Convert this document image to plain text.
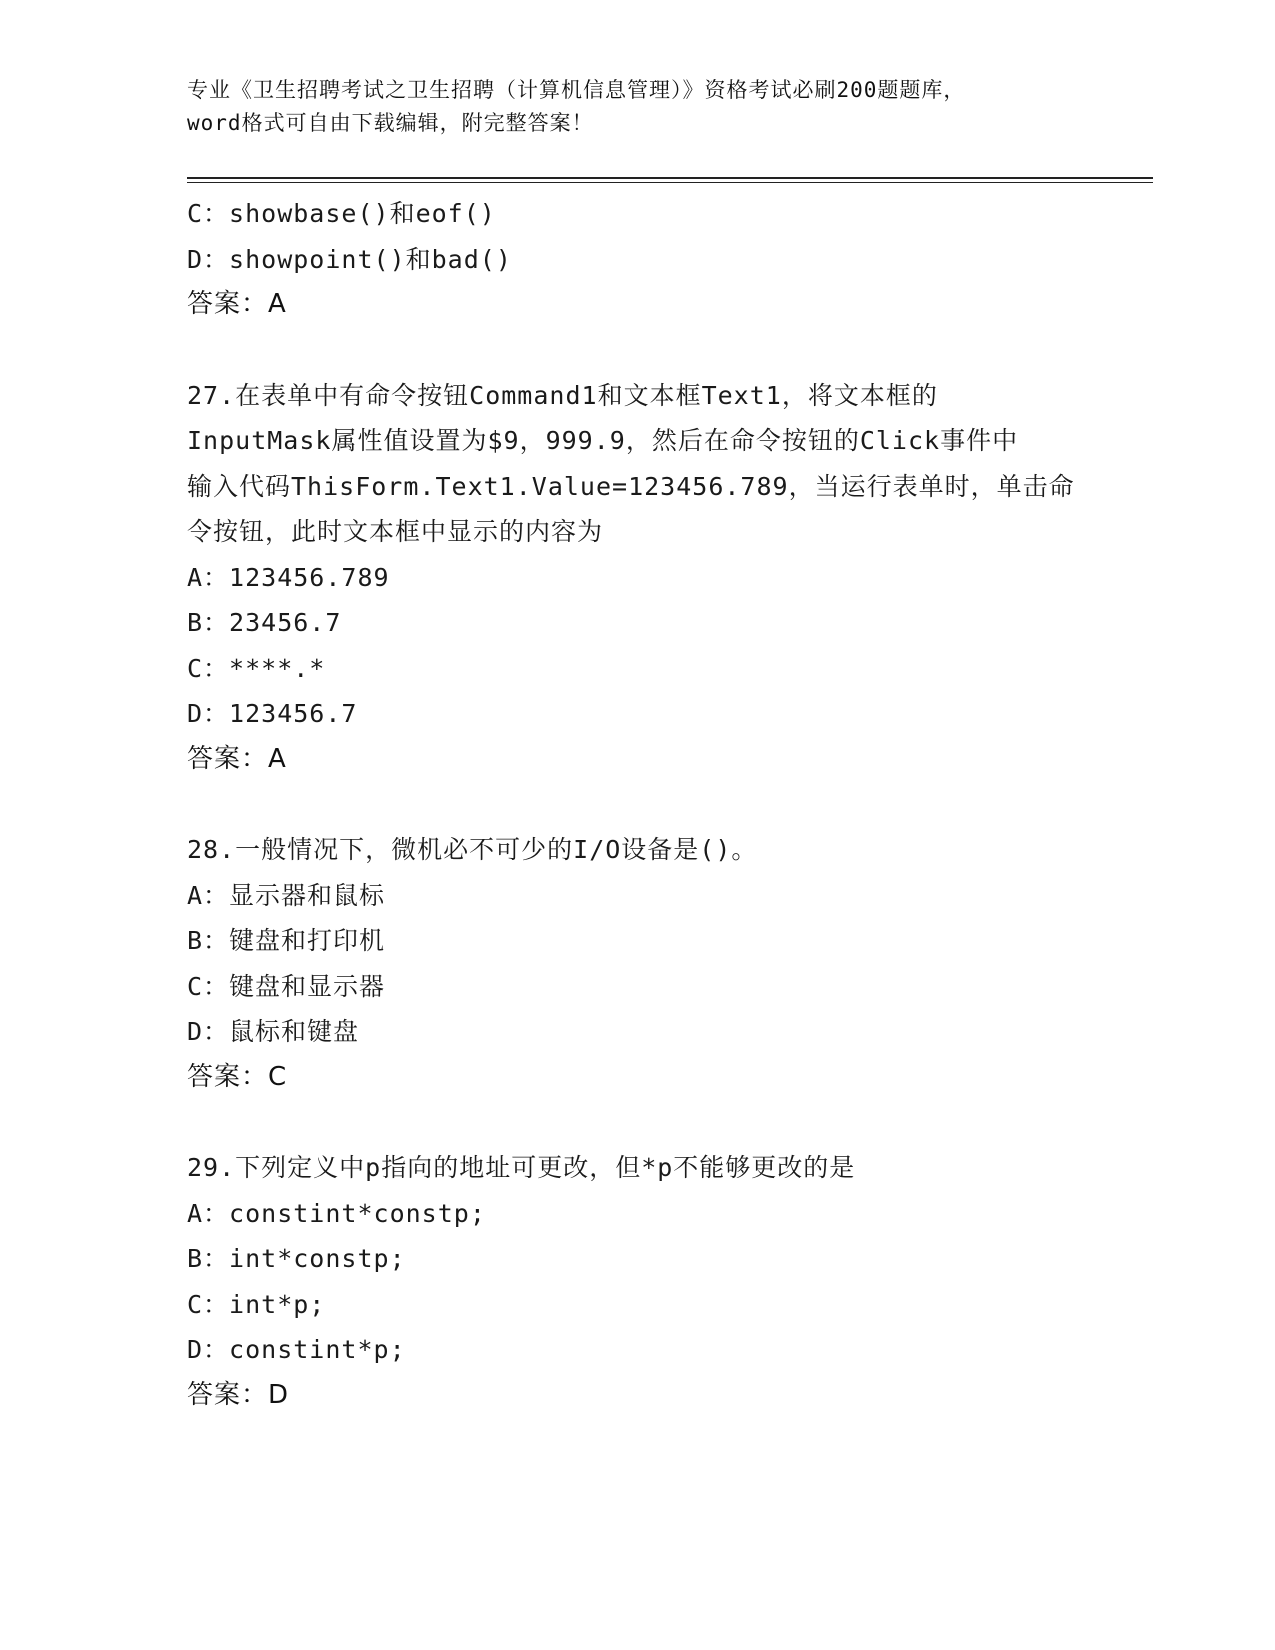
专业《卫生招聘考试之卫生招聘（计算机信息管理）》资格考试必刷200题题库，
word格式可自由下载编辑，附完整答案！
C：showbase()和eof()
D：showpoint()和bad()
答案：A
27.在表单中有命令按钮Command1和文本框Text1，将文本框的
InputMask属性值设置为$9，999.9，然后在命令按钮的Click事件中
输入代码ThisForm.Text1.Value=123456.789，当运行表单时，单击命
令按钮，此时文本框中显示的内容为
A：123456.789
B：23456.7
C：****.*
D：123456.7
答案：A
28.一般情况下，微机必不可少的I/O设备是()。
A：显示器和鼠标
B：键盘和打印机
C：键盘和显示器
D：鼠标和键盘
答案：C
29.下列定义中p指向的地址可更改，但*p不能够更改的是
A：constint*constp;
B：int*constp;
C：int*p;
D：constint*p;
答案：D
